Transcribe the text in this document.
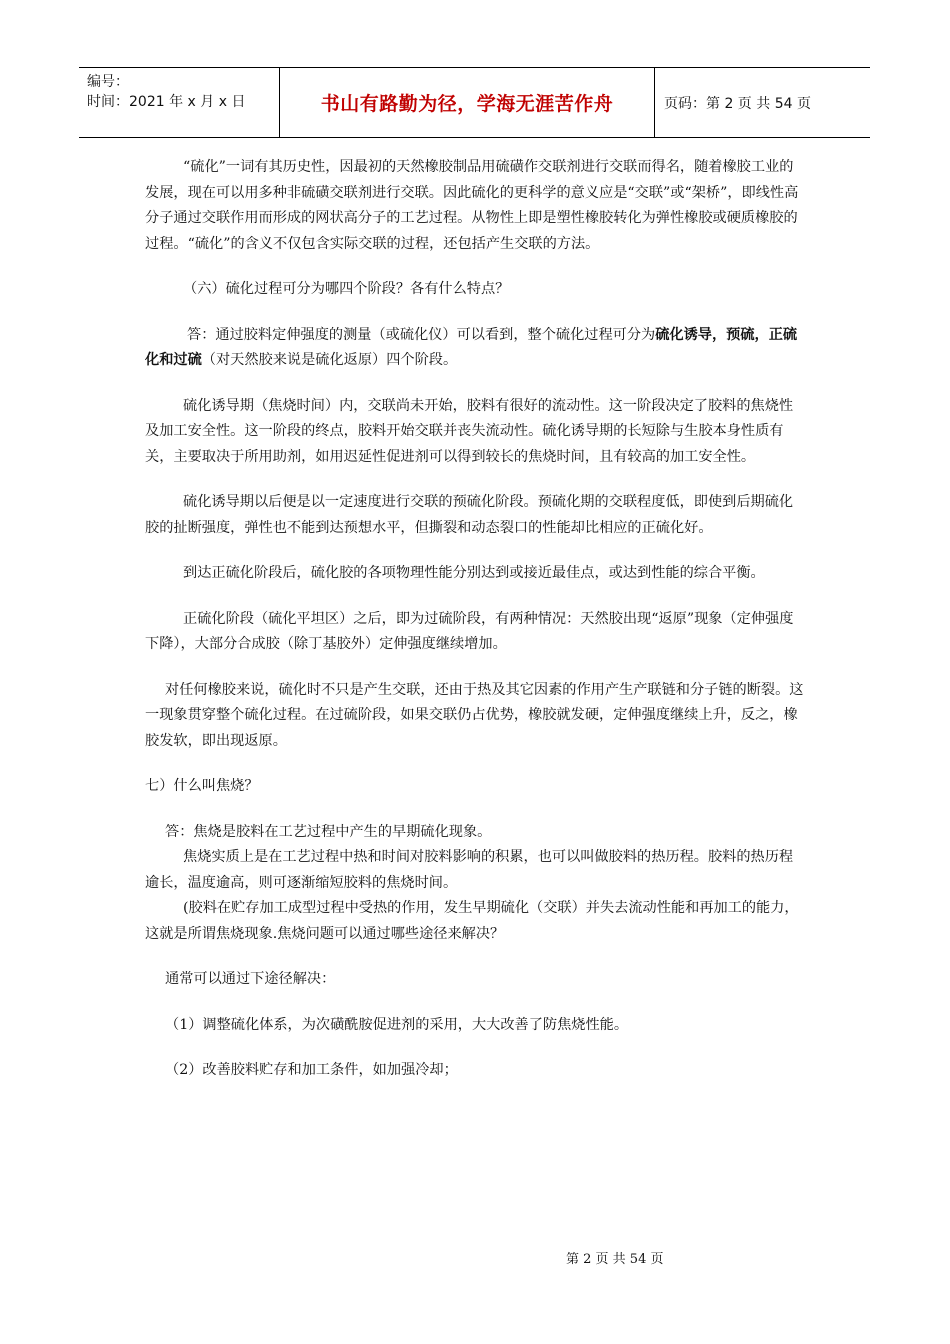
编号：
时间：2021 年 x 月 x 日	书山有路勤为径，学海无涯苦作舟	页码：第 2 页 共 54 页

“硫化”一词有其历史性，因最初的天然橡胶制品用硫磺作交联剂进行交联而得名，随着橡胶工业的发展，现在可以用多种非硫磺交联剂进行交联。因此硫化的更科学的意义应是“交联”或“架桥”，即线性高分子通过交联作用而形成的网状高分子的工艺过程。从物性上即是塑性橡胶转化为弹性橡胶或硬质橡胶的过程。“硫化”的含义不仅包含实际交联的过程，还包括产生交联的方法。

（六）硫化过程可分为哪四个阶段？各有什么特点？

答：通过胶料定伸强度的测量（或硫化仪）可以看到，整个硫化过程可分为硫化诱导，预硫，正硫化和过硫（对天然胶来说是硫化返原）四个阶段。

硫化诱导期（焦烧时间）内，交联尚未开始，胶料有很好的流动性。这一阶段决定了胶料的焦烧性及加工安全性。这一阶段的终点，胶料开始交联并丧失流动性。硫化诱导期的长短除与生胶本身性质有关，主要取决于所用助剂，如用迟延性促进剂可以得到较长的焦烧时间，且有较高的加工安全性。

硫化诱导期以后便是以一定速度进行交联的预硫化阶段。预硫化期的交联程度低，即使到后期硫化胶的扯断强度，弹性也不能到达预想水平，但撕裂和动态裂口的性能却比相应的正硫化好。

到达正硫化阶段后，硫化胶的各项物理性能分别达到或接近最佳点，或达到性能的综合平衡。

正硫化阶段（硫化平坦区）之后，即为过硫阶段，有两种情况：天然胶出现“返原”现象（定伸强度下降），大部分合成胶（除丁基胶外）定伸强度继续增加。

对任何橡胶来说，硫化时不只是产生交联，还由于热及其它因素的作用产生产联链和分子链的断裂。这一现象贯穿整个硫化过程。在过硫阶段，如果交联仍占优势，橡胶就发硬，定伸强度继续上升，反之，橡胶发软，即出现返原。

七）什么叫焦烧？

答：焦烧是胶料在工艺过程中产生的早期硫化现象。

焦烧实质上是在工艺过程中热和时间对胶料影响的积累，也可以叫做胶料的热历程。胶料的热历程逾长，温度逾高，则可逐渐缩短胶料的焦烧时间。

(胶料在贮存加工成型过程中受热的作用，发生早期硫化（交联）并失去流动性能和再加工的能力，这就是所谓焦烧现象.焦烧问题可以通过哪些途径来解决？

通常可以通过下途径解决：

（1）调整硫化体系，为次磺酰胺促进剂的采用，大大改善了防焦烧性能。

（2）改善胶料贮存和加工条件，如加强冷却；

第 2 页 共 54 页
